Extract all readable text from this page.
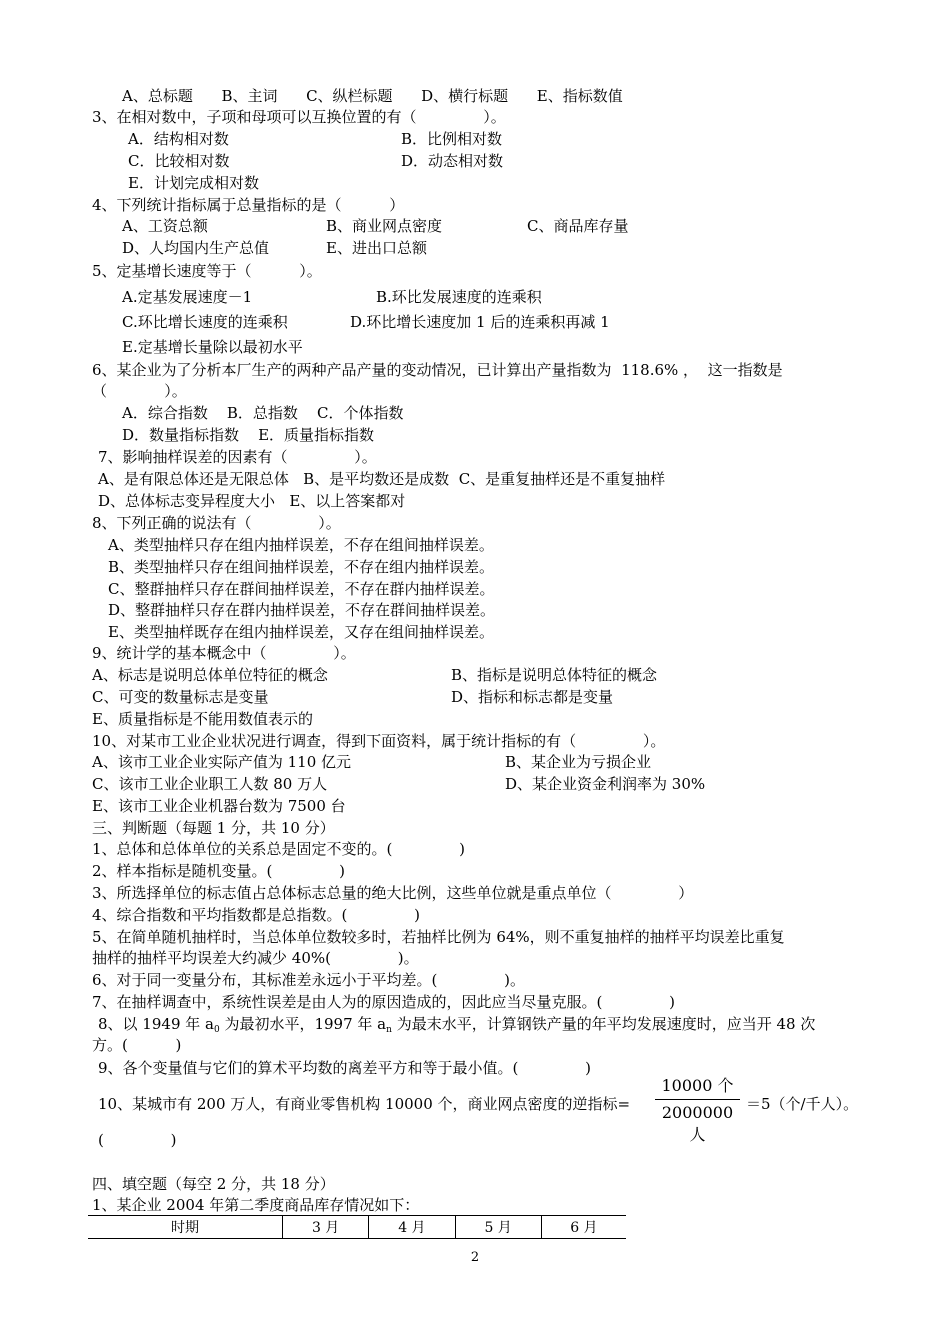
A、总标题      B、主词      C、纵栏标题      D、横行标题      E、指标数值
3、在相对数中，子项和母项可以互换位置的有（              ）。
A．结构相对数	B．比例相对数
C．比较相对数	D．动态相对数
E．计划完成相对数
4、下列统计指标属于总量指标的是（          ）
A、工资总额	B、商业网点密度	C、商品库存量
D、人均国内生产总值	E、进出口总额
5、定基增长速度等于（          ）。
A.定基发展速度－1	B.环比发展速度的连乘积
C.环比增长速度的连乘积	D.环比增长速度加 1 后的连乘积再减 1
E.定基增长量除以最初水平
6、某企业为了分析本厂生产的两种产品产量的变动情况，已计算出产量指数为  118.6% ，  这一指数是
（            ）。
A．综合指数    B．总指数    C．个体指数
D．数量指标指数    E．质量指标指数
7、影响抽样误差的因素有（              ）。
A、是有限总体还是无限总体   B、是平均数还是成数  C、是重复抽样还是不重复抽样
D、总体标志变异程度大小   E、以上答案都对
8、下列正确的说法有（              ）。
A、类型抽样只存在组内抽样误差，不存在组间抽样误差。
B、类型抽样只存在组间抽样误差，不存在组内抽样误差。
C、整群抽样只存在群间抽样误差，不存在群内抽样误差。
D、整群抽样只存在群内抽样误差，不存在群间抽样误差。
E、类型抽样既存在组内抽样误差，又存在组间抽样误差。
9、统计学的基本概念中（              ）。
A、标志是说明总体单位特征的概念	B、指标是说明总体特征的概念
C、可变的数量标志是变量	D、指标和标志都是变量
E、质量指标是不能用数值表示的
10、对某市工业企业状况进行调查，得到下面资料，属于统计指标的有（              ）。
A、该市工业企业实际产值为 110 亿元	B、某企业为亏损企业
C、该市工业企业职工人数 80 万人	D、某企业资金利润率为 30%
E、该市工业企业机器台数为 7500 台
三、判断题（每题 1 分，共 10 分）
1、总体和总体单位的关系总是固定不变的。(              )
2、样本指标是随机变量。(              )
3、所选择单位的标志值占总体标志总量的绝大比例，这些单位就是重点单位（              ）
4、综合指数和平均指数都是总指数。(              )
5、在简单随机抽样时，当总体单位数较多时，若抽样比例为 64%，则不重复抽样的抽样平均误差比重复
抽样的抽样平均误差大约减少 40%(              )。
6、对于同一变量分布，其标准差永远小于平均差。(              )。
7、在抽样调查中，系统性误差是由人为的原因造成的，因此应当尽量克服。(              )
8、以 1949 年 $a_0$ 为最初水平，1997 年 $a_n$ 为最末水平，计算钢铁产量的年平均发展速度时，应当开 48 次
方。(          )
9、各个变量值与它们的算术平均数的离差平方和等于最小值。(              )
10、某城市有 200 万人，有商业零售机构 10000 个，商业网点密度的逆指标=
10000 个
2000000 人
＝5（个/千人）。
(              )
四、填空题（每空 2 分，共 18 分）
1、某企业 2004 年第二季度商品库存情况如下：
时期	3 月	4 月	5 月	6 月
2
